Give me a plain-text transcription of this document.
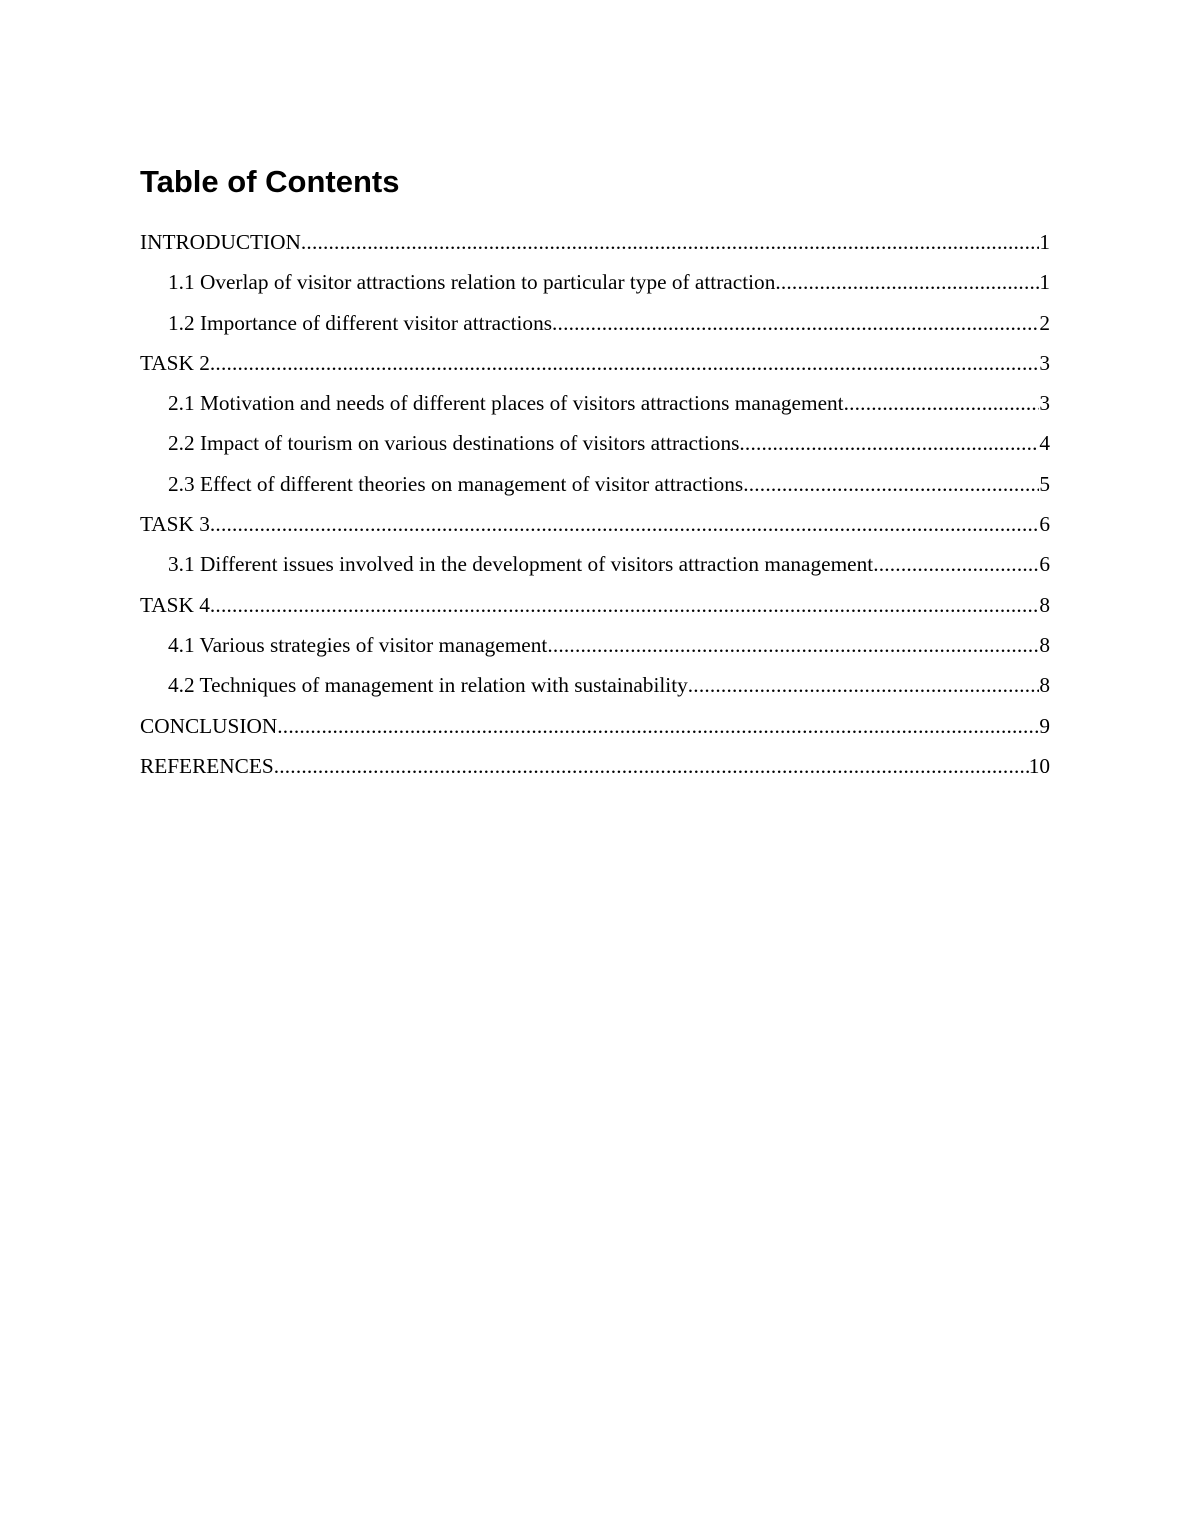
Table of Contents
INTRODUCTION .....	1
1.1 Overlap of visitor attractions relation to particular type of attraction .....	1
1.2 Importance of different visitor attractions .....	2
TASK 2 .....	3
2.1 Motivation and needs of different places of visitors attractions management .....	3
2.2 Impact of tourism on various destinations of visitors attractions .....	4
2.3 Effect of different theories on management of visitor attractions .....	5
TASK 3 .....	6
3.1 Different issues involved in the development of visitors attraction management .....	6
TASK 4 .....	8
4.1 Various strategies of visitor management .....	8
4.2 Techniques of management in relation with sustainability .....	8
CONCLUSION .....	9
REFERENCES .....	10
